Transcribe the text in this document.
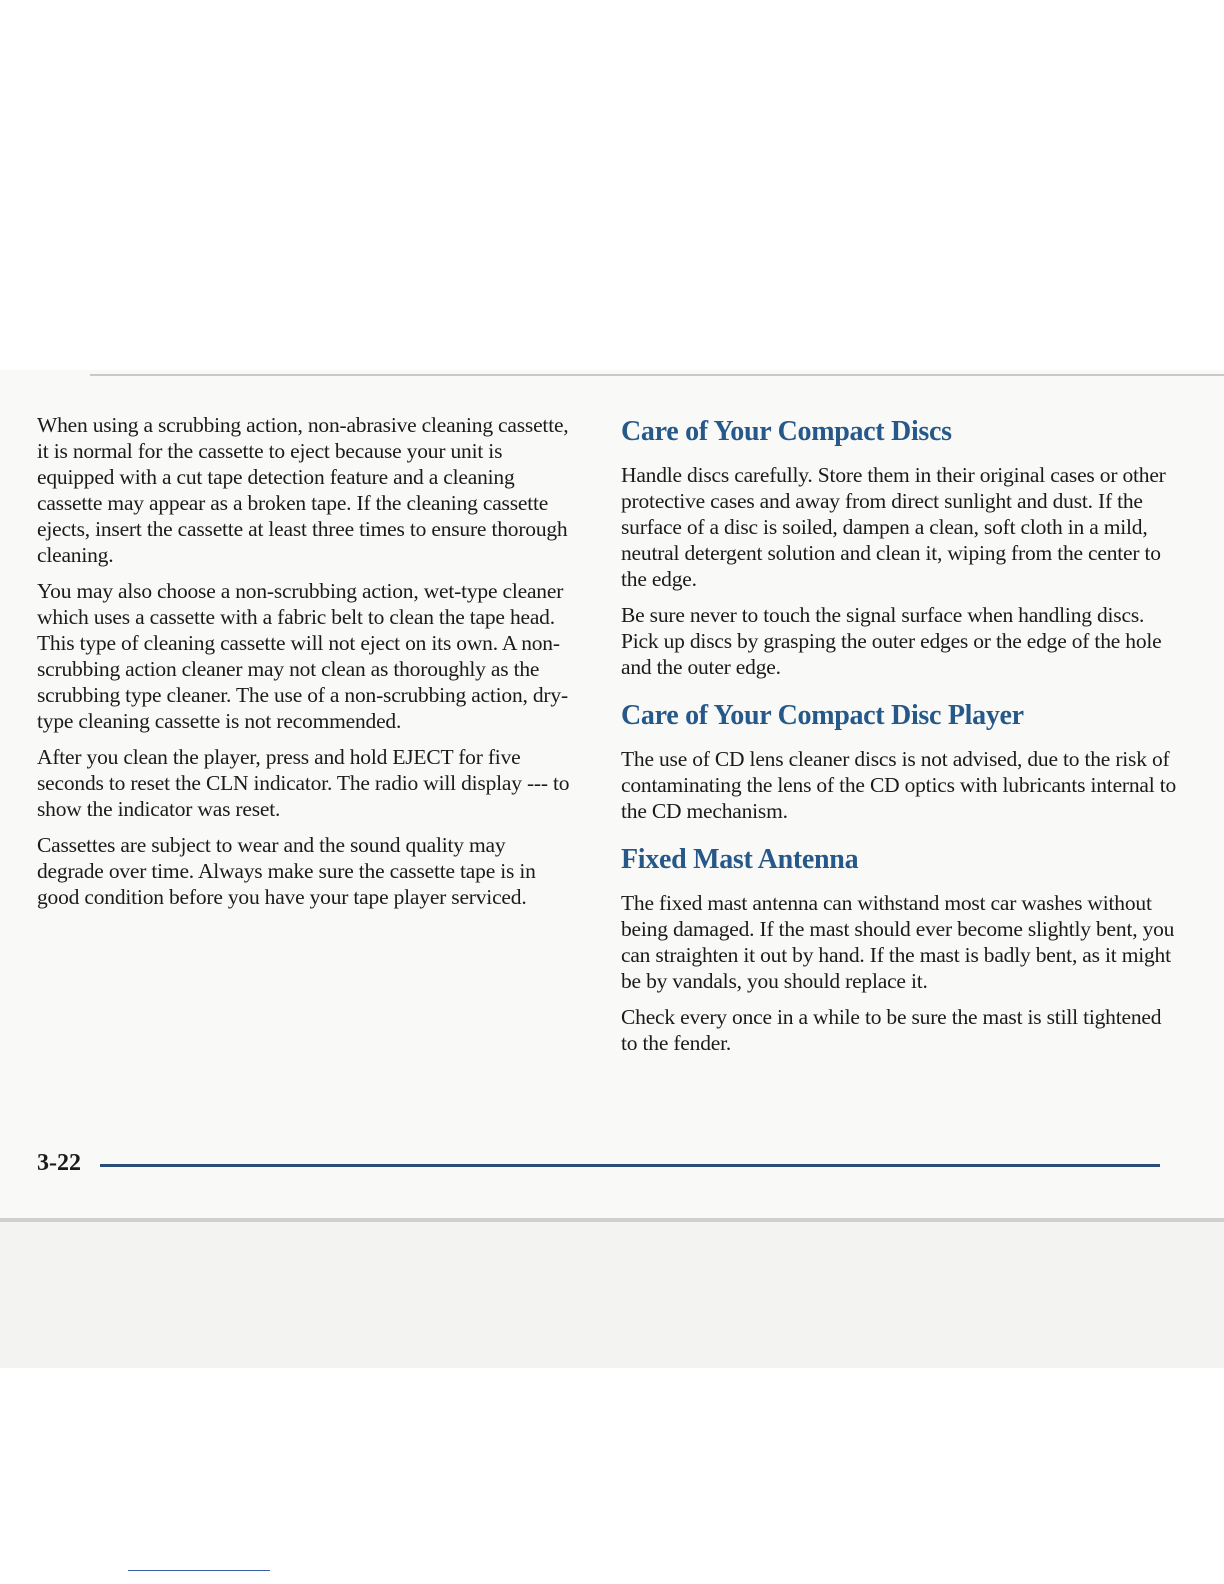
When using a scrubbing action, non-abrasive cleaning cassette, it is normal for the cassette to eject because your unit is equipped with a cut tape detection feature and a cleaning cassette may appear as a broken tape. If the cleaning cassette ejects, insert the cassette at least three times to ensure thorough cleaning.

You may also choose a non-scrubbing action, wet-type cleaner which uses a cassette with a fabric belt to clean the tape head. This type of cleaning cassette will not eject on its own. A non-scrubbing action cleaner may not clean as thoroughly as the scrubbing type cleaner. The use of a non-scrubbing action, dry-type cleaning cassette is not recommended.

After you clean the player, press and hold EJECT for five seconds to reset the CLN indicator. The radio will display --- to show the indicator was reset.

Cassettes are subject to wear and the sound quality may degrade over time. Always make sure the cassette tape is in good condition before you have your tape player serviced.

Care of Your Compact Discs

Handle discs carefully. Store them in their original cases or other protective cases and away from direct sunlight and dust. If the surface of a disc is soiled, dampen a clean, soft cloth in a mild, neutral detergent solution and clean it, wiping from the center to the edge.

Be sure never to touch the signal surface when handling discs. Pick up discs by grasping the outer edges or the edge of the hole and the outer edge.

Care of Your Compact Disc Player

The use of CD lens cleaner discs is not advised, due to the risk of contaminating the lens of the CD optics with lubricants internal to the CD mechanism.

Fixed Mast Antenna

The fixed mast antenna can withstand most car washes without being damaged. If the mast should ever become slightly bent, you can straighten it out by hand. If the mast is badly bent, as it might be by vandals, you should replace it.

Check every once in a while to be sure the mast is still tightened to the fender.

3-22
